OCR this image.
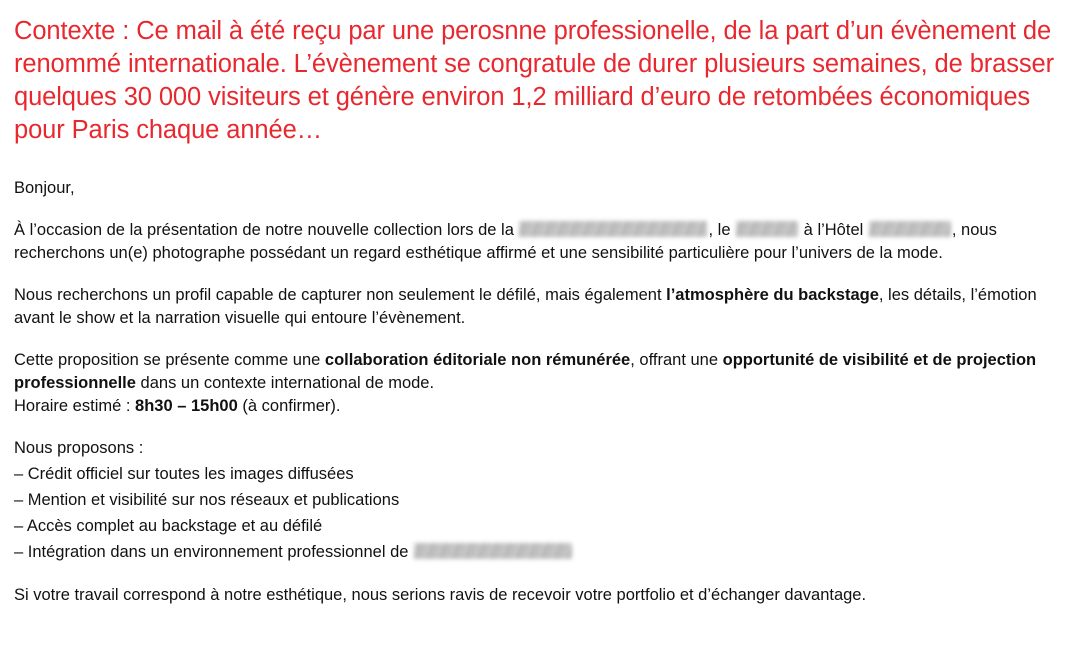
Contexte : Ce mail à été reçu par une perosnne professionelle, de la part d’un évènement de renommé internationale. L’évènement se congratule de durer plusieurs semaines, de brasser quelques 30 000 visiteurs et génère environ 1,2 milliard d’euro de retombées économiques pour Paris chaque année…

Bonjour,

À l’occasion de la présentation de notre nouvelle collection lors de la	, le	à l’Hôtel	, nous recherchons un(e) photographe possédant un regard esthétique affirmé et une sensibilité particulière pour l’univers de la mode.

Nous recherchons un profil capable de capturer non seulement le défilé, mais également l’atmosphère du backstage, les détails, l’émotion avant le show et la narration visuelle qui entoure l’évènement.

Cette proposition se présente comme une collaboration éditoriale non rémunérée, offrant une opportunité de visibilité et de projection professionnelle dans un contexte international de mode.

Horaire estimé : 8h30 – 15h00 (à confirmer).

Nous proposons :

– Crédit officiel sur toutes les images diffusées
– Mention et visibilité sur nos réseaux et publications
– Accès complet au backstage et au défilé
– Intégration dans un environnement professionnel de

Si votre travail correspond à notre esthétique, nous serions ravis de recevoir votre portfolio et d’échanger davantage.
